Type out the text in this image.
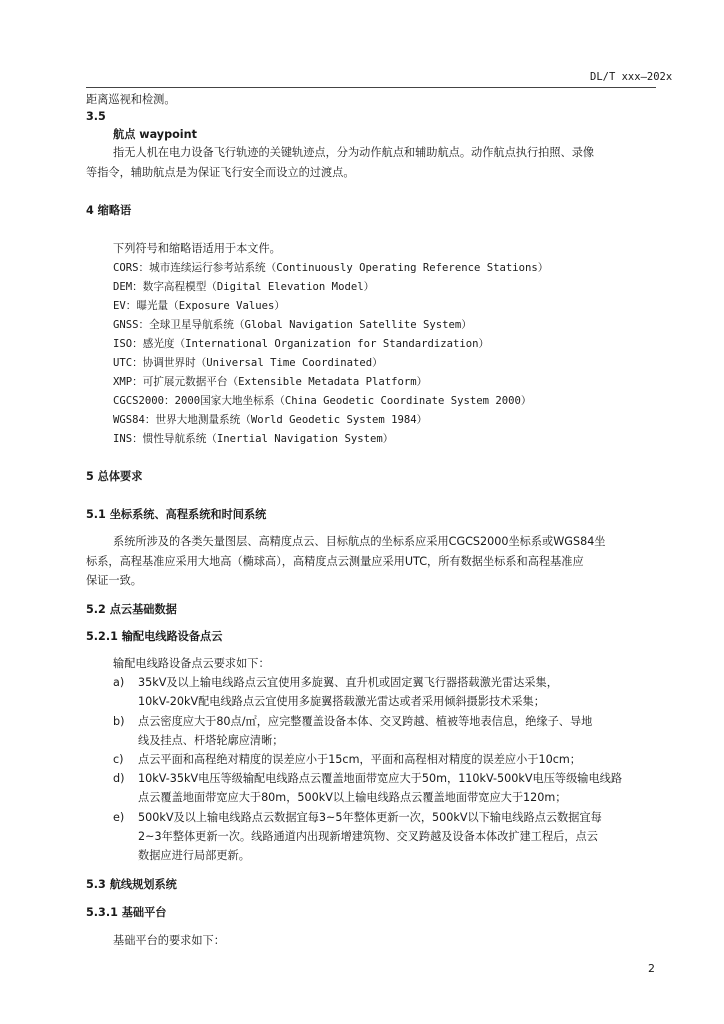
DL/T xxx—202x
距离巡视和检测。
3.5
航点 waypoint
指无人机在电力设备飞行轨迹的关键轨迹点，分为动作航点和辅助航点。动作航点执行拍照、录像
等指令，辅助航点是为保证飞行安全而设立的过渡点。
4 缩略语
下列符号和缩略语适用于本文件。
CORS：城市连续运行参考站系统（Continuously Operating Reference Stations）
DEM：数字高程模型（Digital Elevation Model）
EV：曝光量（Exposure Values）
GNSS：全球卫星导航系统（Global Navigation Satellite System）
ISO：感光度（International Organization for Standardization）
UTC：协调世界时（Universal Time Coordinated）
XMP：可扩展元数据平台（Extensible Metadata Platform）
CGCS2000：2000国家大地坐标系（China Geodetic Coordinate System 2000）
WGS84：世界大地测量系统（World Geodetic System 1984）
INS：惯性导航系统（Inertial Navigation System）
5 总体要求
5.1 坐标系统、高程系统和时间系统
系统所涉及的各类矢量图层、高精度点云、目标航点的坐标系应采用CGCS2000坐标系或WGS84坐
标系，高程基准应采用大地高（椭球高），高精度点云测量应采用UTC，所有数据坐标系和高程基准应
保证一致。
5.2 点云基础数据
5.2.1 输配电线路设备点云
输配电线路设备点云要求如下：
a) 35kV及以上输电线路点云宜使用多旋翼、直升机或固定翼飞行器搭载激光雷达采集，
10kV-20kV配电线路点云宜使用多旋翼搭载激光雷达或者采用倾斜摄影技术采集；
b) 点云密度应大于80点/㎡，应完整覆盖设备本体、交叉跨越、植被等地表信息，绝缘子、导地
线及挂点、杆塔轮廓应清晰；
c) 点云平面和高程绝对精度的误差应小于15cm，平面和高程相对精度的误差应小于10cm；
d) 10kV-35kV电压等级输配电线路点云覆盖地面带宽应大于50m，110kV-500kV电压等级输电线路
点云覆盖地面带宽应大于80m，500kV以上输电线路点云覆盖地面带宽应大于120m；
e) 500kV及以上输电线路点云数据宜每3~5年整体更新一次，500kV以下输电线路点云数据宜每
2~3年整体更新一次。线路通道内出现新增建筑物、交叉跨越及设备本体改扩建工程后，点云
数据应进行局部更新。
5.3 航线规划系统
5.3.1 基础平台
基础平台的要求如下：
2
